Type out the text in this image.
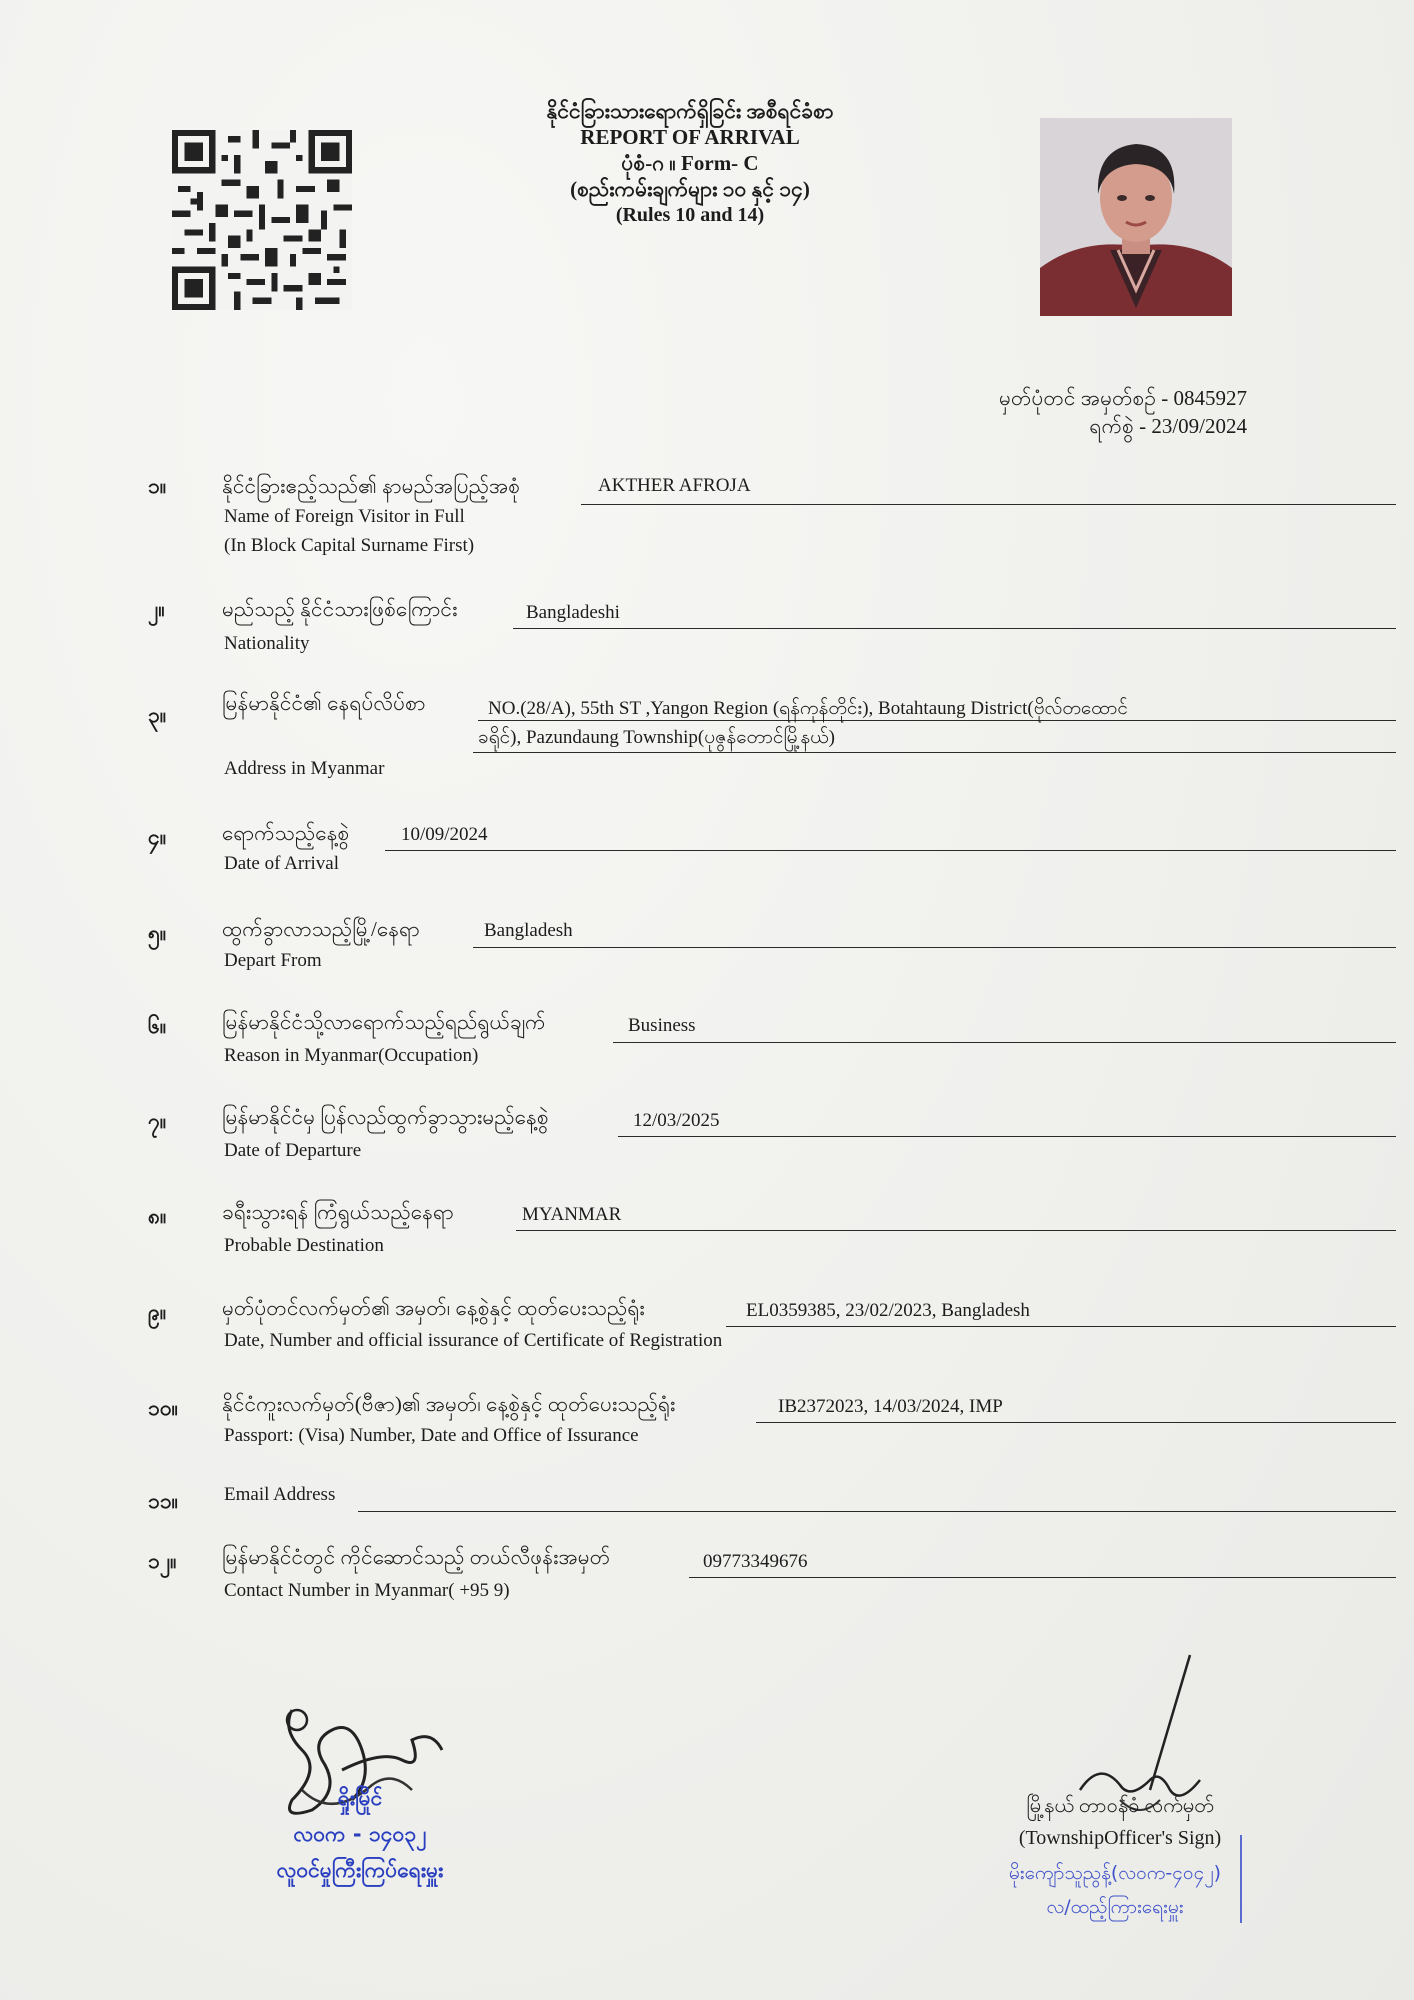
နိုင်ငံခြားသားရောက်ရှိခြင်း အစီရင်ခံစာ
REPORT OF ARRIVAL
ပုံစံ-ဂ ။ Form- C
(စည်းကမ်းချက်များ ၁၀ နှင့် ၁၄)
(Rules 10 and 14)
မှတ်ပုံတင် အမှတ်စဉ် - 0845927
ရက်စွဲ - 23/09/2024
၁။	နိုင်ငံခြားဧည့်သည်၏ နာမည်အပြည့်အစုံ
Name of Foreign Visitor in Full
(In Block Capital Surname First)
AKTHER AFROJA
၂။	မည်သည့် နိုင်ငံသားဖြစ်ကြောင်း
Nationality
Bangladeshi
၃။	မြန်မာနိုင်ငံ၏ နေရပ်လိပ်စာ
Address in Myanmar
NO.(28/A), 55th ST ,Yangon Region (ရန်ကုန်တိုင်း), Botahtaung District(ဗိုလ်တထောင်
ခရိုင်), Pazundaung Township(ပုဇွန်တောင်မြို့နယ်)
၄။	ရောက်သည့်နေ့စွဲ
Date of Arrival
10/09/2024
၅။	ထွက်ခွာလာသည့်မြို့/နေရာ
Depart From
Bangladesh
၆။	မြန်မာနိုင်ငံသို့လာရောက်သည့်ရည်ရွယ်ချက်
Reason in Myanmar(Occupation)
Business
၇။	မြန်မာနိုင်ငံမှ ပြန်လည်ထွက်ခွာသွားမည့်နေ့စွဲ
Date of Departure
12/03/2025
၈။	ခရီးသွားရန် ကြံရွယ်သည့်နေရာ
Probable Destination
MYANMAR
၉။	မှတ်ပုံတင်လက်မှတ်၏ အမှတ်၊ နေ့စွဲနှင့် ထုတ်ပေးသည့်ရုံး
Date, Number and official issurance of Certificate of Registration
EL0359385, 23/02/2023, Bangladesh
၁၀။ နိုင်ငံကူးလက်မှတ်(ဗီဇာ)၏ အမှတ်၊ နေ့စွဲနှင့် ထုတ်ပေးသည့်ရုံး
Passport: (Visa) Number, Date and Office of Issurance
IB2372023, 14/03/2024, IMP
၁၁။ Email Address
၁၂။ မြန်မာနိုင်ငံတွင် ကိုင်ဆောင်သည့် တယ်လီဖုန်းအမှတ်
Contact Number in Myanmar( +95 9)
09773349676
ရှိုးမြိုင်
လဝက - ၁၄၀၃၂
လူဝင်မှုကြီးကြပ်ရေးမှူး
မြို့နယ် တာဝန်ခံ လက်မှတ်
(TownshipOfficer's Sign)
မိုးကျော်သူညွန့်(လဝက-၄၀၄၂)
လ/ထည့်ကြားရေးမှူး
